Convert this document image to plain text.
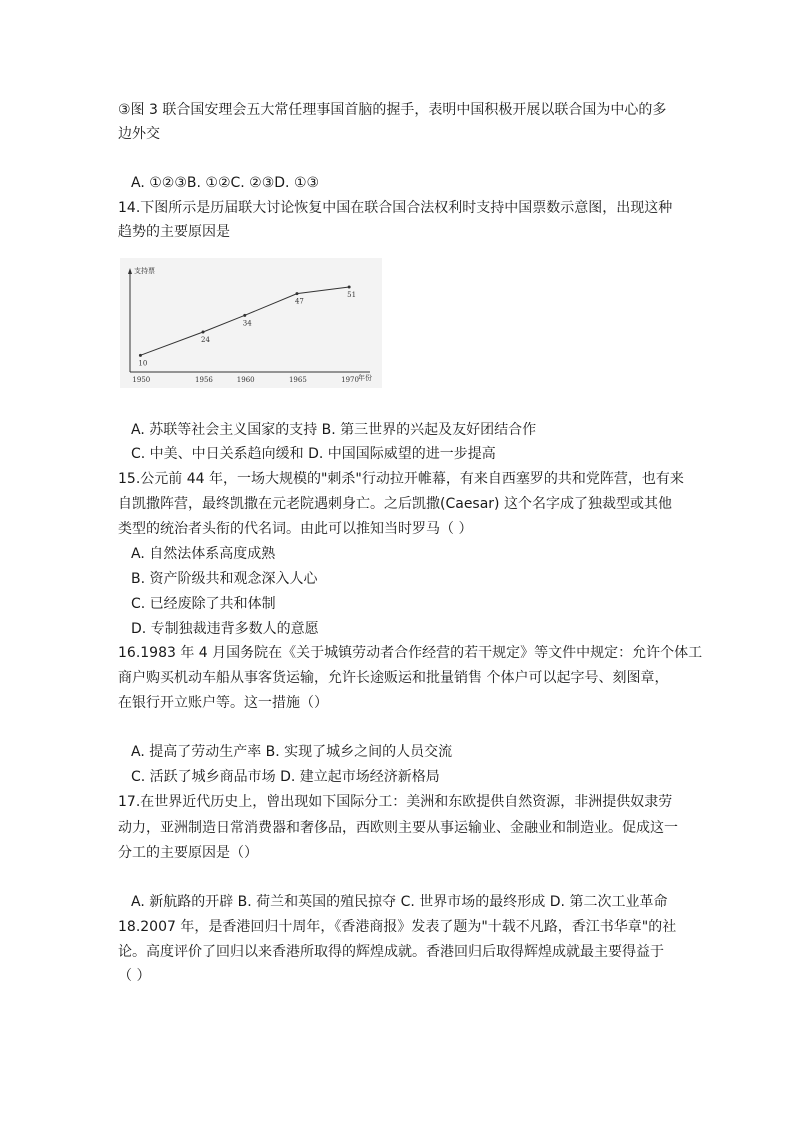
③图 3 联合国安理会五大常任理事国首脑的握手，表明中国积极开展以联合国为中心的多
边外交
A. ①②③B. ①②C. ②③D. ①③
14.下图所示是历届联大讨论恢复中国在联合国合法权利时支持中国票数示意图，出现这种
趋势的主要原因是
支持票
年份
10
1950
24
1956
34
1960
47
1965
51
1970
A. 苏联等社会主义国家的支持 B. 第三世界的兴起及友好团结合作
C. 中美、中日关系趋向缓和 D. 中国国际威望的进一步提高
15.公元前 44 年，一场大规模的"刺杀"行动拉开帷幕，有来自西塞罗的共和党阵营，也有来
自凯撒阵营，最终凯撒在元老院遇刺身亡。之后凯撒(Caesar) 这个名字成了独裁型或其他
类型的统治者头衔的代名词。由此可以推知当时罗马（ ）
A. 自然法体系高度成熟
B. 资产阶级共和观念深入人心
C. 已经废除了共和体制
D. 专制独裁违背多数人的意愿
16.1983 年 4 月国务院在《关于城镇劳动者合作经营的若干规定》等文件中规定：允许个体工
商户购买机动车船从事客货运输，允许长途贩运和批量销售 个体户可以起字号、刻图章，
在银行开立账户等。这一措施（）
A. 提高了劳动生产率 B. 实现了城乡之间的人员交流
C. 活跃了城乡商品市场 D. 建立起市场经济新格局
17.在世界近代历史上，曾出现如下国际分工：美洲和东欧提供自然资源，非洲提供奴隶劳
动力，亚洲制造日常消费器和奢侈品，西欧则主要从事运输业、金融业和制造业。促成这一
分工的主要原因是（）
A. 新航路的开辟 B. 荷兰和英国的殖民掠夺 C. 世界市场的最终形成 D. 第二次工业革命
18.2007 年，是香港回归十周年，《香港商报》发表了题为"十载不凡路，香江书华章"的社
论。高度评价了回归以来香港所取得的辉煌成就。香港回归后取得辉煌成就最主要得益于
（ ）
